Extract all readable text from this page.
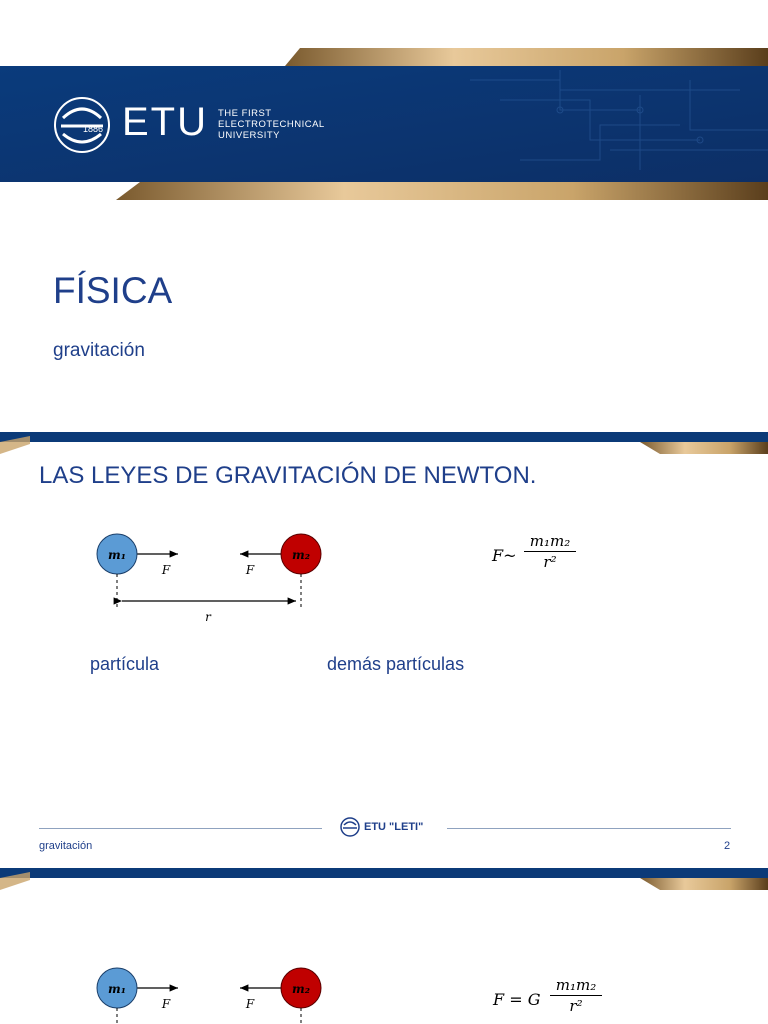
1886 ETU THE FIRST
ELECTROTECHNICAL
UNIVERSITY
FÍSICA
gravitación
LAS LEYES DE GRAVITACIÓN DE NEWTON.
m₁	m₂
F	F
r
F~
m₁m₂
r²
partícula	demás partículas
ETU "LETI"
gravitación	2
m₁	m₂
F	F	F = G
m₁m₂
r²
